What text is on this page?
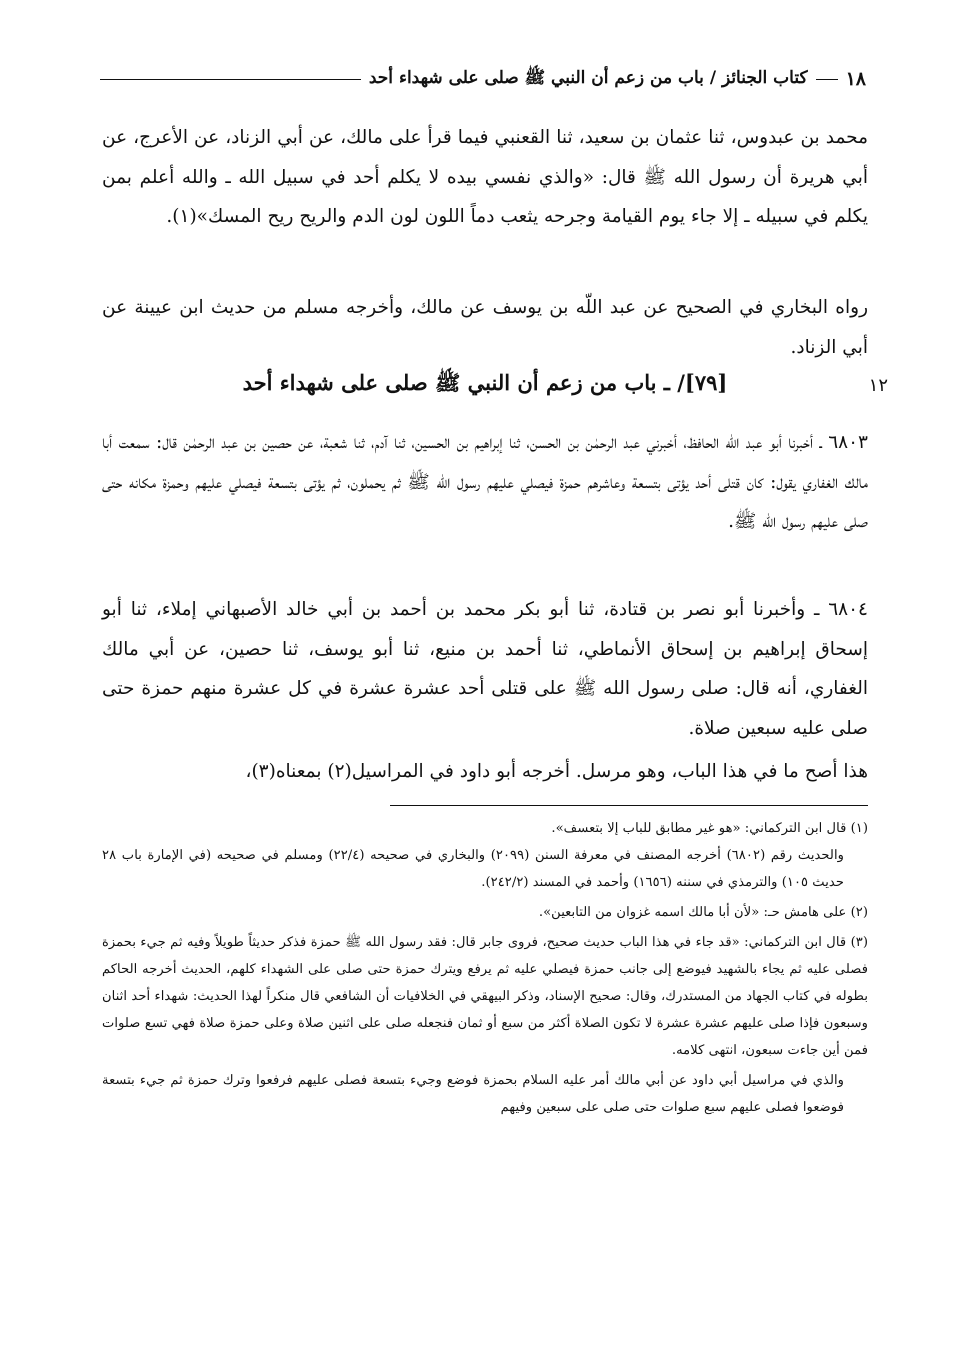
١٨
كتاب الجنائز / باب من زعم أن النبي ﷺ صلى على شهداء أحد

محمد بن عبدوس، ثنا عثمان بن سعيد، ثنا القعنبي فيما قرأ على مالك، عن أبي الزناد، عن الأعرج، عن أبي هريرة أن رسول الله ﷺ قال: «والذي نفسي بيده لا يكلم أحد في سبيل الله ـ والله أعلم بمن يكلم في سبيله ـ إلا جاء يوم القيامة وجرحه يثعب دماً اللون لون الدم والريح ريح المسك»(١).

رواه البخاري في الصحيح عن عبد اللّه بن يوسف عن مالك، وأخرجه مسلم من حديث ابن عيينة عن أبي الزناد.

[٧٩]/ ـ باب من زعم أن النبي ﷺ صلى على شهداء أحد	١٢

٦٨٠٣ ـ أخبرنا أبو عبد اللّه الحافظ، أخبرني عبد الرحمٰن بن الحسن، ثنا إبراهيم بن الحسين، ثنا آدم، ثنا شعبة، عن حصين بن عبد الرحمٰن قال: سمعت أبا مالك الغفاري يقول: كان قتلى أحد يؤتى بتسعة وعاشرهم حمزة فيصلي عليهم رسول الله ﷺ ثم يحملون، ثم يؤتى بتسعة فيصلي عليهم وحمزة مكانه حتى صلى عليهم رسول الله ﷺ.

٦٨٠٤ ـ وأخبرنا أبو نصر بن قتادة، ثنا أبو بكر محمد بن أحمد بن أبي خالد الأصبهاني إملاء، ثنا أبو إسحاق إبراهيم بن إسحاق الأنماطي، ثنا أحمد بن منيع، ثنا أبو يوسف، ثنا حصين، عن أبي مالك الغفاري، أنه قال: صلى رسول الله ﷺ على قتلى أحد عشرة عشرة في كل عشرة منهم حمزة حتى صلى عليه سبعين صلاة.

هذا أصح ما في هذا الباب، وهو مرسل. أخرجه أبو داود في المراسيل(٢) بمعناه(٣)،

(١) قال ابن التركماني: «هو غير مطابق للباب إلا بتعسف».

والحديث رقم (٦٨٠٢) أخرجه المصنف في معرفة السنن (٢٠٩٩) والبخاري في صحيحه (٢٢/٤) ومسلم في صحيحه (في الإمارة باب ٢٨ حديث ١٠٥) والترمذي في سننه (١٦٥٦) وأحمد في المسند (٢٤٢/٢).

(٢) على هامش حـ: «لأن أبا مالك اسمه غزوان من التابعين».

(٣) قال ابن التركماني: «قد جاء في هذا الباب حديث صحيح، فروى جابر قال: فقد رسول الله ﷺ حمزة فذكر حديثاً طويلاً وفيه ثم جيء بحمزة فصلى عليه ثم يجاء بالشهيد فيوضع إلى جانب حمزة فيصلي عليه ثم يرفع ويترك حمزة حتى صلى على الشهداء كلهم، الحديث أخرجه الحاكم بطوله في كتاب الجهاد من المستدرك، وقال: صحيح الإسناد، وذكر البيهقي في الخلافيات أن الشافعي قال منكراً لهذا الحديث: شهداء أحد اثنان وسبعون فإذا صلى عليهم عشرة عشرة لا تكون الصلاة أكثر من سبع أو ثمان فنجعله صلى على اثنين صلاة وعلى حمزة صلاة فهي تسع صلوات فمن أين جاءت سبعون، انتهى كلامه.

والذي في مراسيل أبي داود عن أبي مالك أمر عليه السلام بحمزة فوضع وجيء بتسعة فصلى عليهم فرفعوا وترك حمزة ثم جيء بتسعة فوضعوا فصلى عليهم سبع صلوات حتى صلى على سبعين وفيهم
